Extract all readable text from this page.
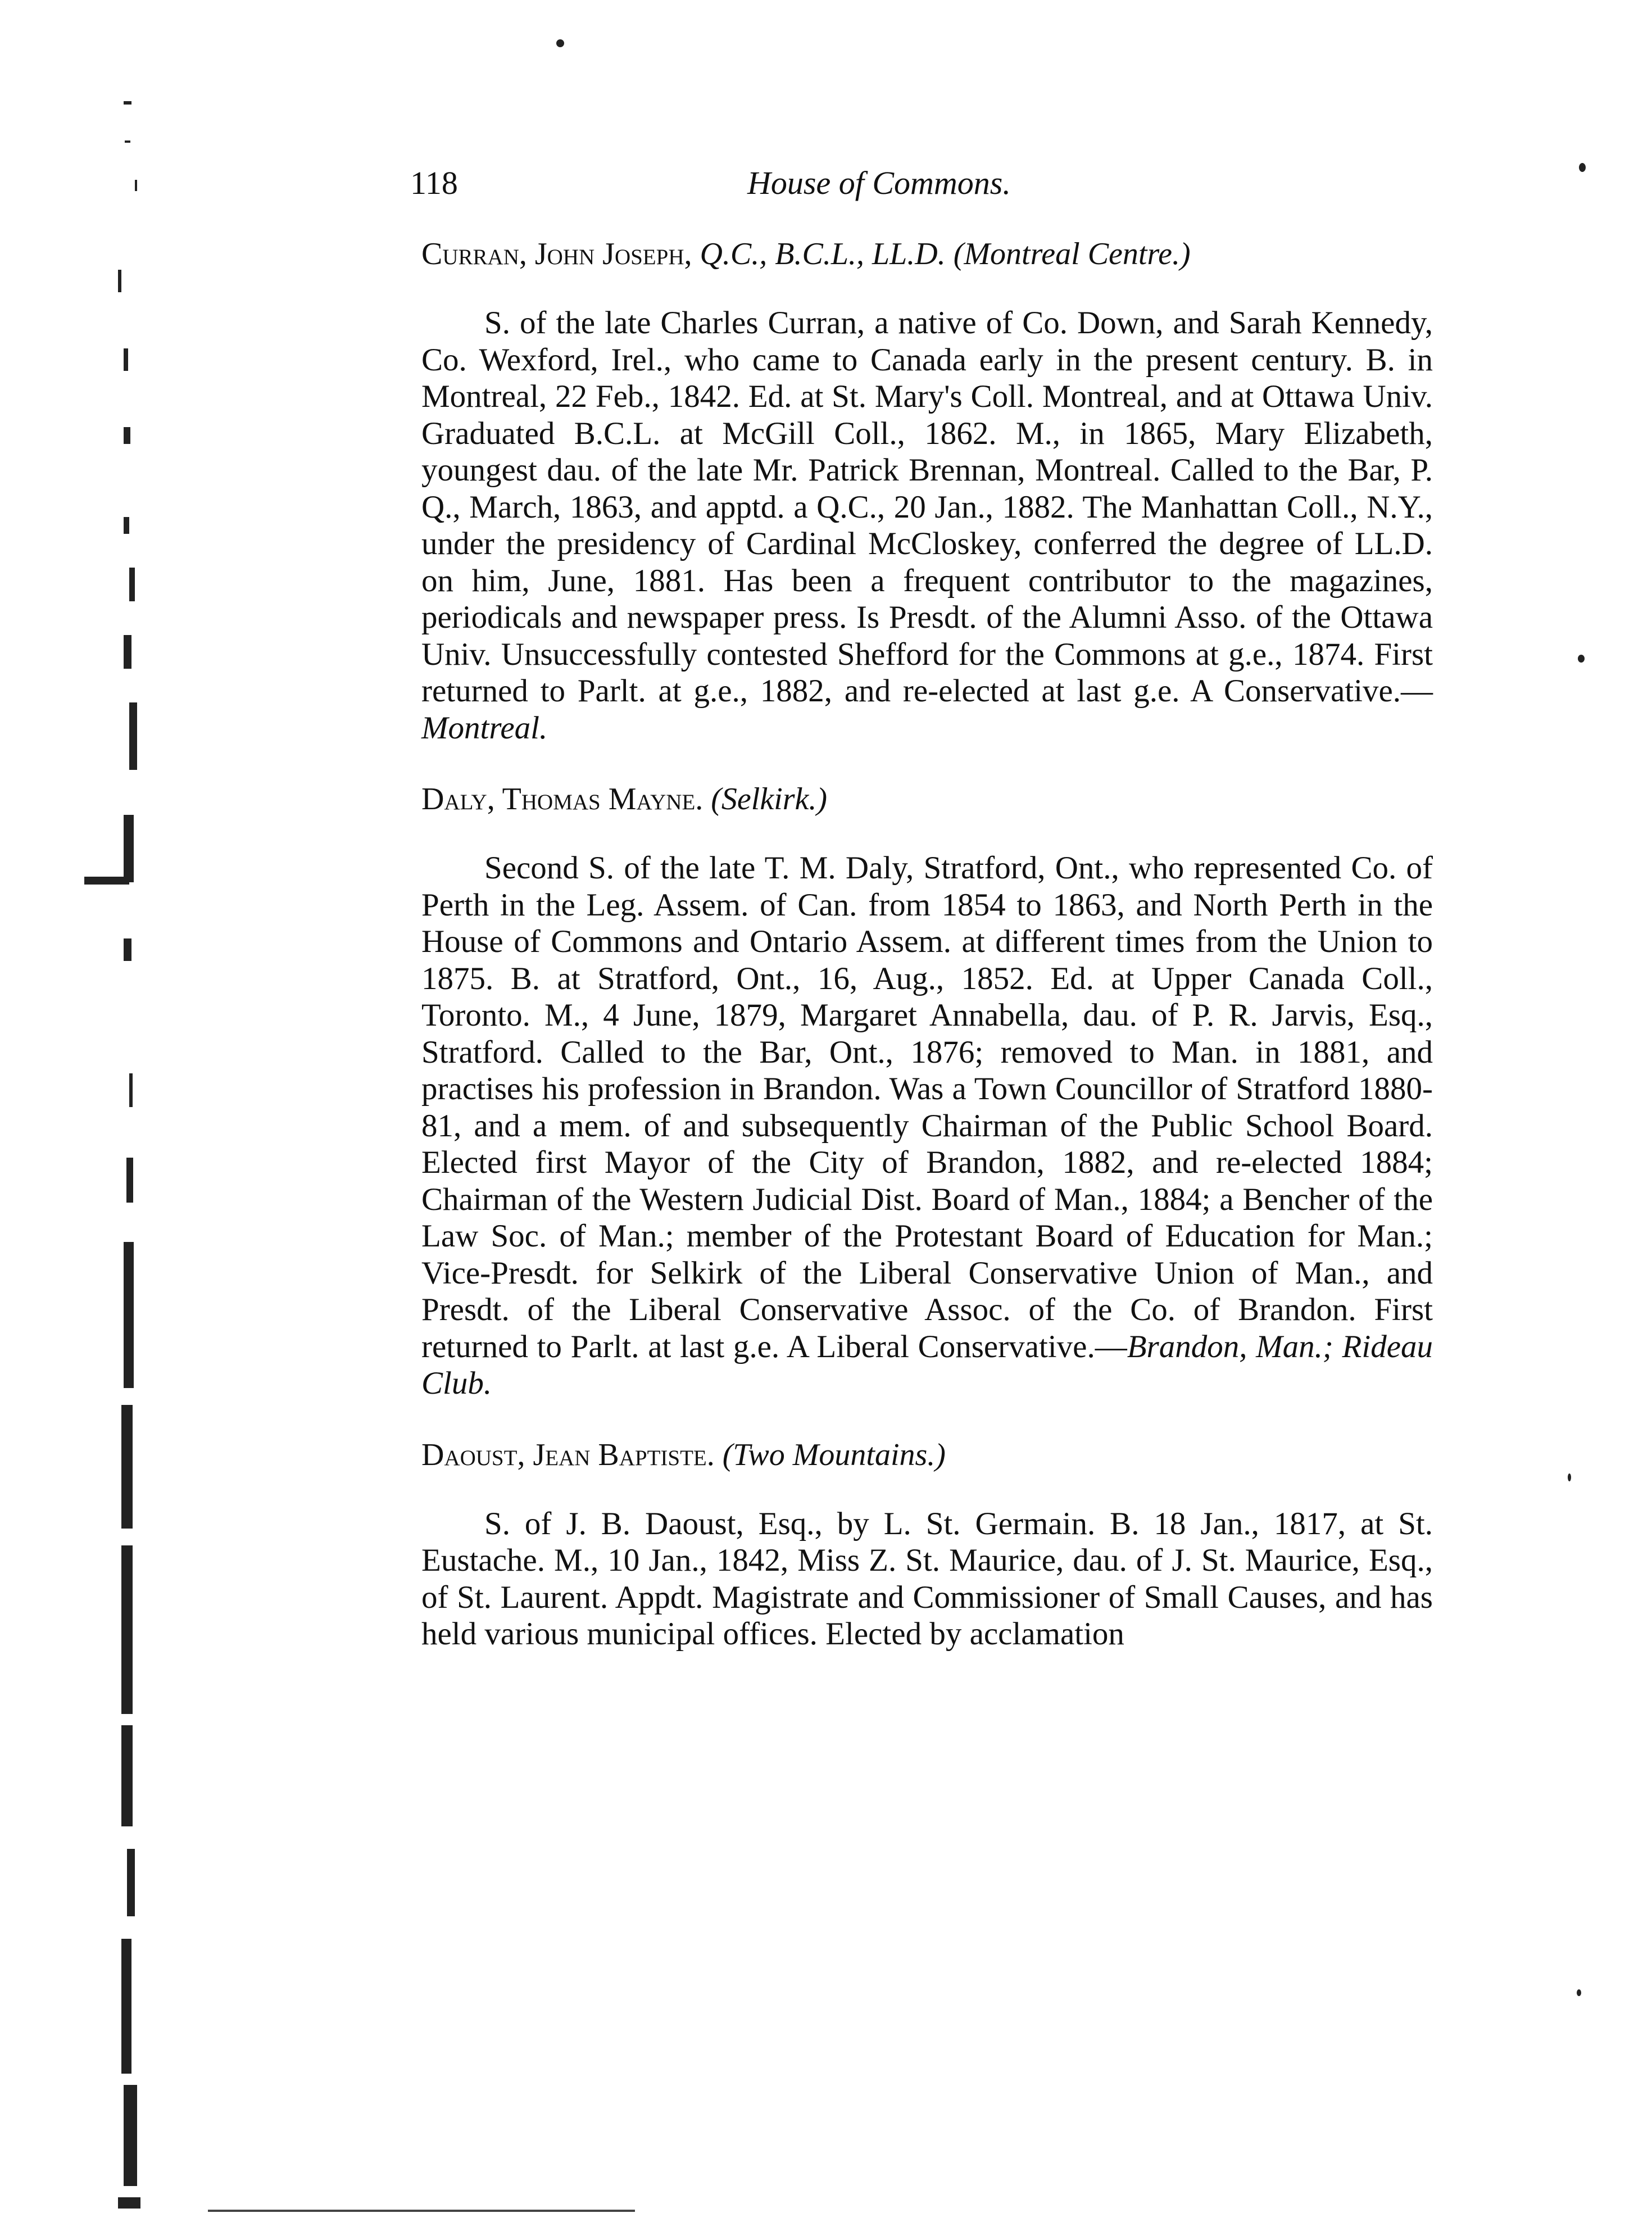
118	House of Commons.

Curran, John Joseph, Q.C., B.C.L., LL.D. (Montreal Centre.)

S. of the late Charles Curran, a native of Co. Down, and Sarah Kennedy, Co. Wexford, Irel., who came to Canada early in the present century. B. in Montreal, 22 Feb., 1842. Ed. at St. Mary's Coll. Montreal, and at Ottawa Univ. Graduated B.C.L. at McGill Coll., 1862. M., in 1865, Mary Elizabeth, youngest dau. of the late Mr. Patrick Brennan, Montreal. Called to the Bar, P. Q., March, 1863, and apptd. a Q.C., 20 Jan., 1882. The Manhattan Coll., N.Y., under the presidency of Cardinal McCloskey, conferred the degree of LL.D. on him, June, 1881. Has been a frequent contributor to the magazines, periodicals and newspaper press. Is Presdt. of the Alumni Asso. of the Ottawa Univ. Unsuccessfully contested Shefford for the Commons at g.e., 1874. First returned to Parlt. at g.e., 1882, and re-elected at last g.e. A Conservative.—Montreal.

Daly, Thomas Mayne. (Selkirk.)

Second S. of the late T. M. Daly, Stratford, Ont., who represented Co. of Perth in the Leg. Assem. of Can. from 1854 to 1863, and North Perth in the House of Commons and Ontario Assem. at different times from the Union to 1875. B. at Stratford, Ont., 16, Aug., 1852. Ed. at Upper Canada Coll., Toronto. M., 4 June, 1879, Margaret Annabella, dau. of P. R. Jarvis, Esq., Stratford. Called to the Bar, Ont., 1876; removed to Man. in 1881, and practises his profession in Brandon. Was a Town Councillor of Stratford 1880-81, and a mem. of and subsequently Chairman of the Public School Board. Elected first Mayor of the City of Brandon, 1882, and re-elected 1884; Chairman of the Western Judicial Dist. Board of Man., 1884; a Bencher of the Law Soc. of Man.; member of the Protestant Board of Education for Man.; Vice-Presdt. for Selkirk of the Liberal Conservative Union of Man., and Presdt. of the Liberal Conservative Assoc. of the Co. of Brandon. First returned to Parlt. at last g.e. A Liberal Conservative.—Brandon, Man.; Rideau Club.

Daoust, Jean Baptiste. (Two Mountains.)

S. of J. B. Daoust, Esq., by L. St. Germain. B. 18 Jan., 1817, at St. Eustache. M., 10 Jan., 1842, Miss Z. St. Maurice, dau. of J. St. Maurice, Esq., of St. Laurent. Appdt. Magistrate and Commissioner of Small Causes, and has held various municipal offices. Elected by acclamation
